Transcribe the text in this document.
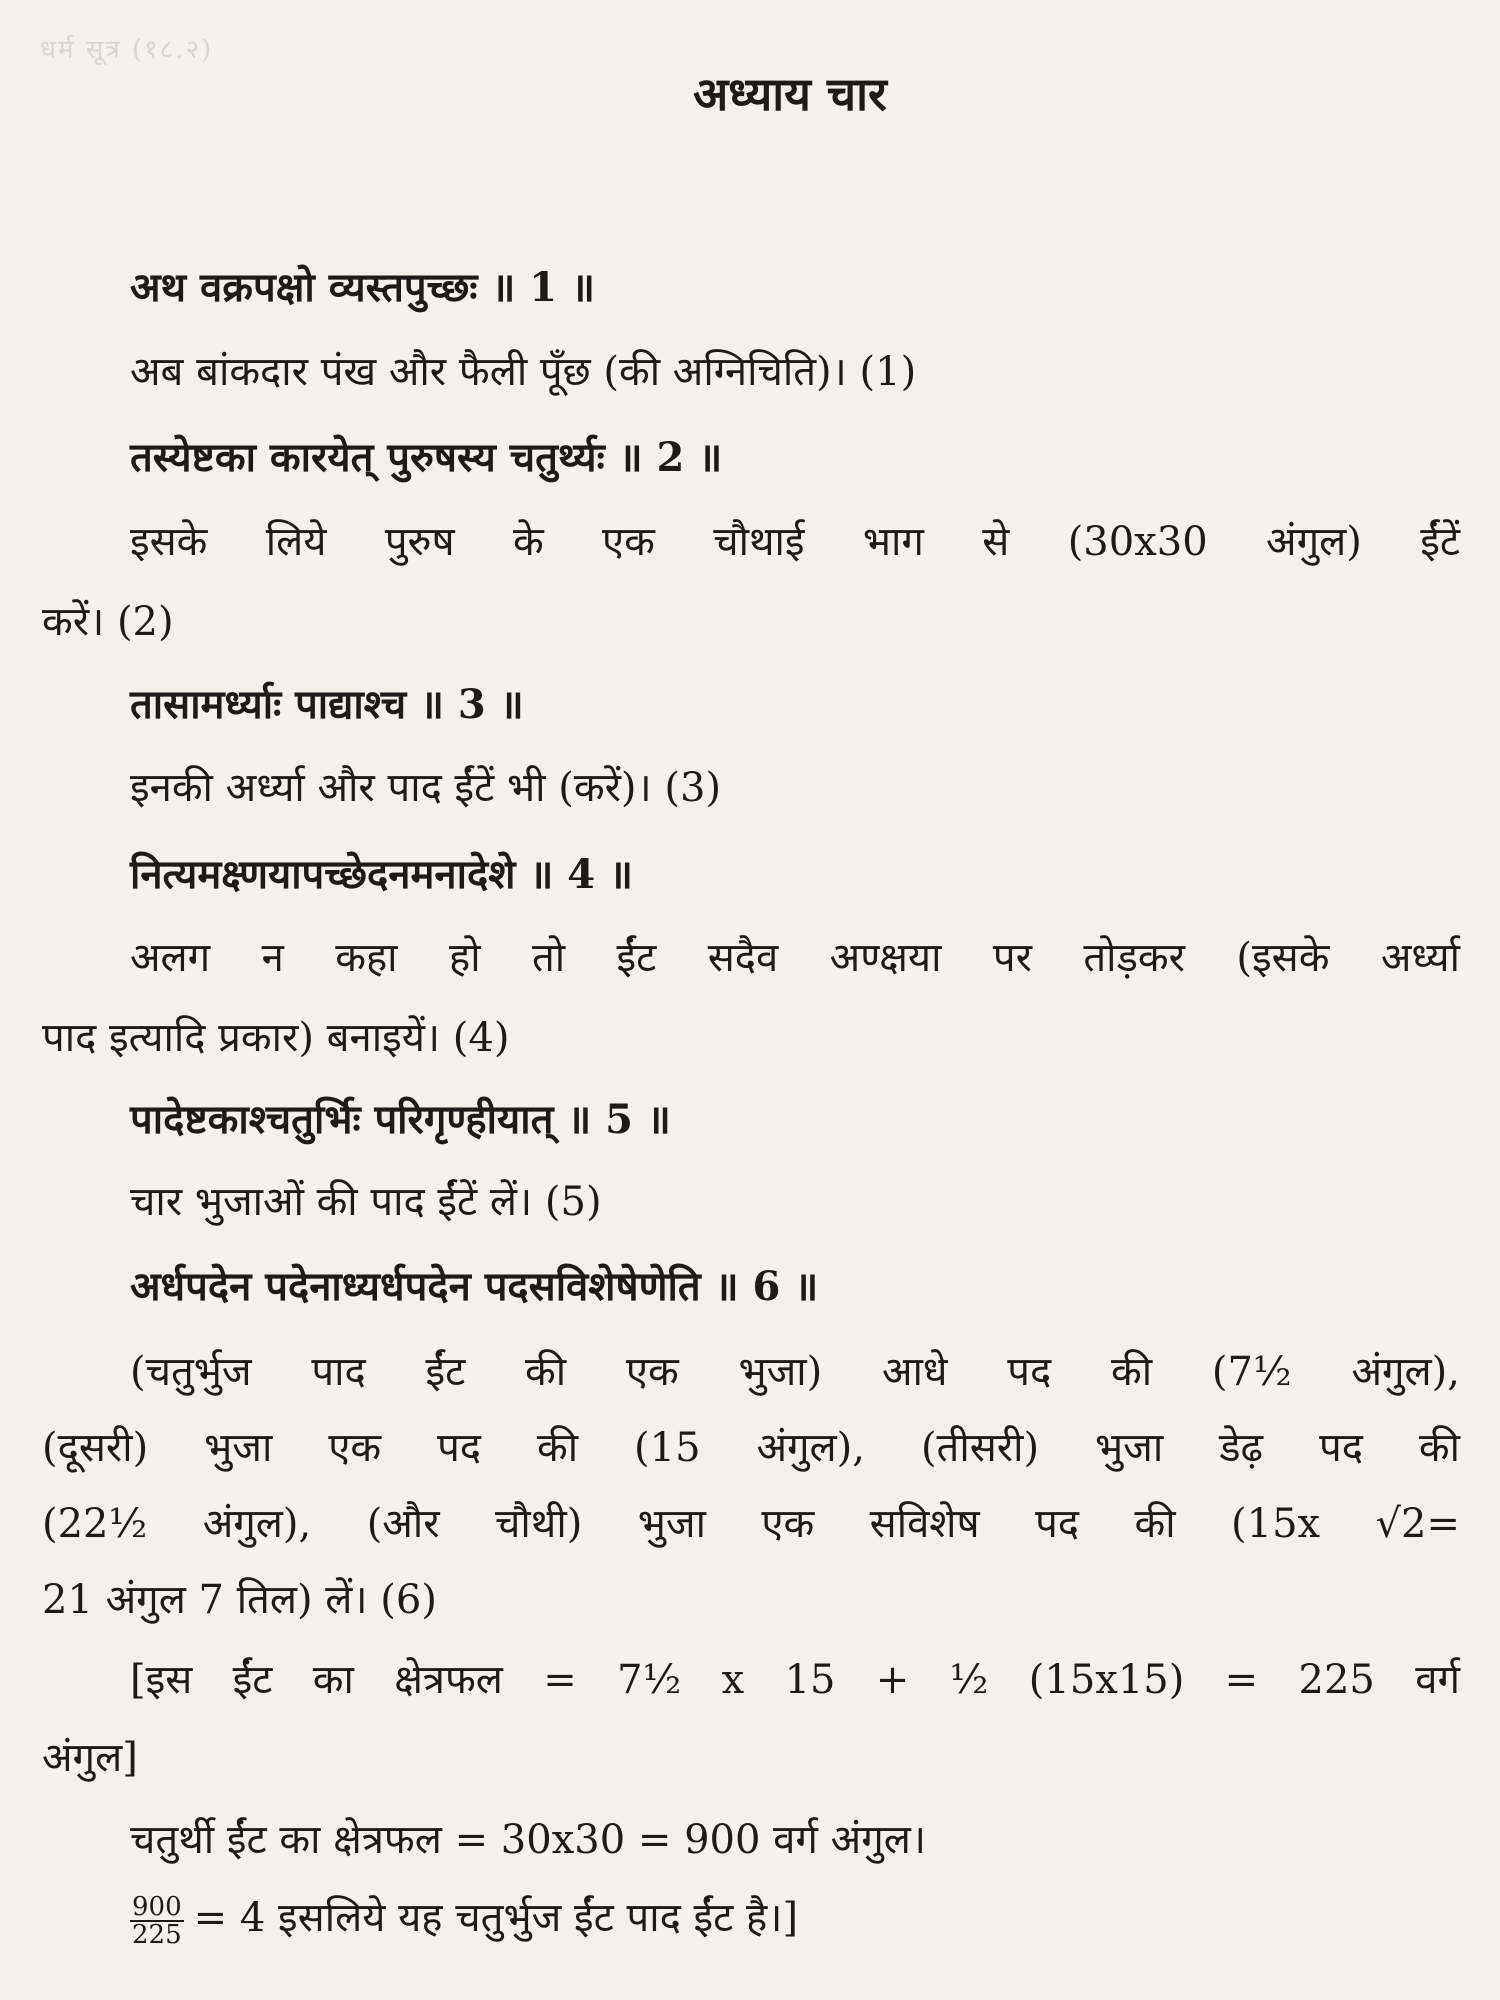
धर्म सूत्र (१८.२)
अध्याय चार
अथ वक्रपक्षो व्यस्तपुच्छः ॥ 1 ॥
अब बांकदार पंख और फैली पूँछ (की अग्निचिति)। (1)
तस्येष्टका कारयेत् पुरुषस्य चतुर्थ्यः ॥ 2 ॥
इसके लिये पुरुष के एक चौथाई भाग से (30x30 अंगुल) ईंटें
करें। (2)
तासामर्ध्याः पाद्याश्च ॥ 3 ॥
इनकी अर्ध्या और पाद ईंटें भी (करें)। (3)
नित्यमक्ष्णयापच्छेदनमनादेशे ॥ 4 ॥
अलग न कहा हो तो ईंट सदैव अण्क्षया पर तोड़कर (इसके अर्ध्या
पाद इत्यादि प्रकार) बनाइयें। (4)
पादेष्टकाश्चतुर्भिः परिगृण्हीयात् ॥ 5 ॥
चार भुजाओं की पाद ईंटें लें। (5)
अर्धपदेन पदेनाध्यर्धपदेन पदसविशेषेणेति ॥ 6 ॥
(चतुर्भुज पाद ईंट की एक भुजा) आधे पद की (7½ अंगुल),
(दूसरी) भुजा एक पद की (15 अंगुल), (तीसरी) भुजा डेढ़ पद की
(22½ अंगुल), (और चौथी) भुजा एक सविशेष पद की (15x √2=
21 अंगुल 7 तिल) लें। (6)
[इस ईंट का क्षेत्रफल = 7½ x 15 + ½ (15x15) = 225 वर्ग
अंगुल]
चतुर्थी ईंट का क्षेत्रफल = 30x30 = 900 वर्ग अंगुल।
$\frac{900}{225} = 4$ इसलिये यह चतुर्भुज ईंट पाद ईंट है।]
